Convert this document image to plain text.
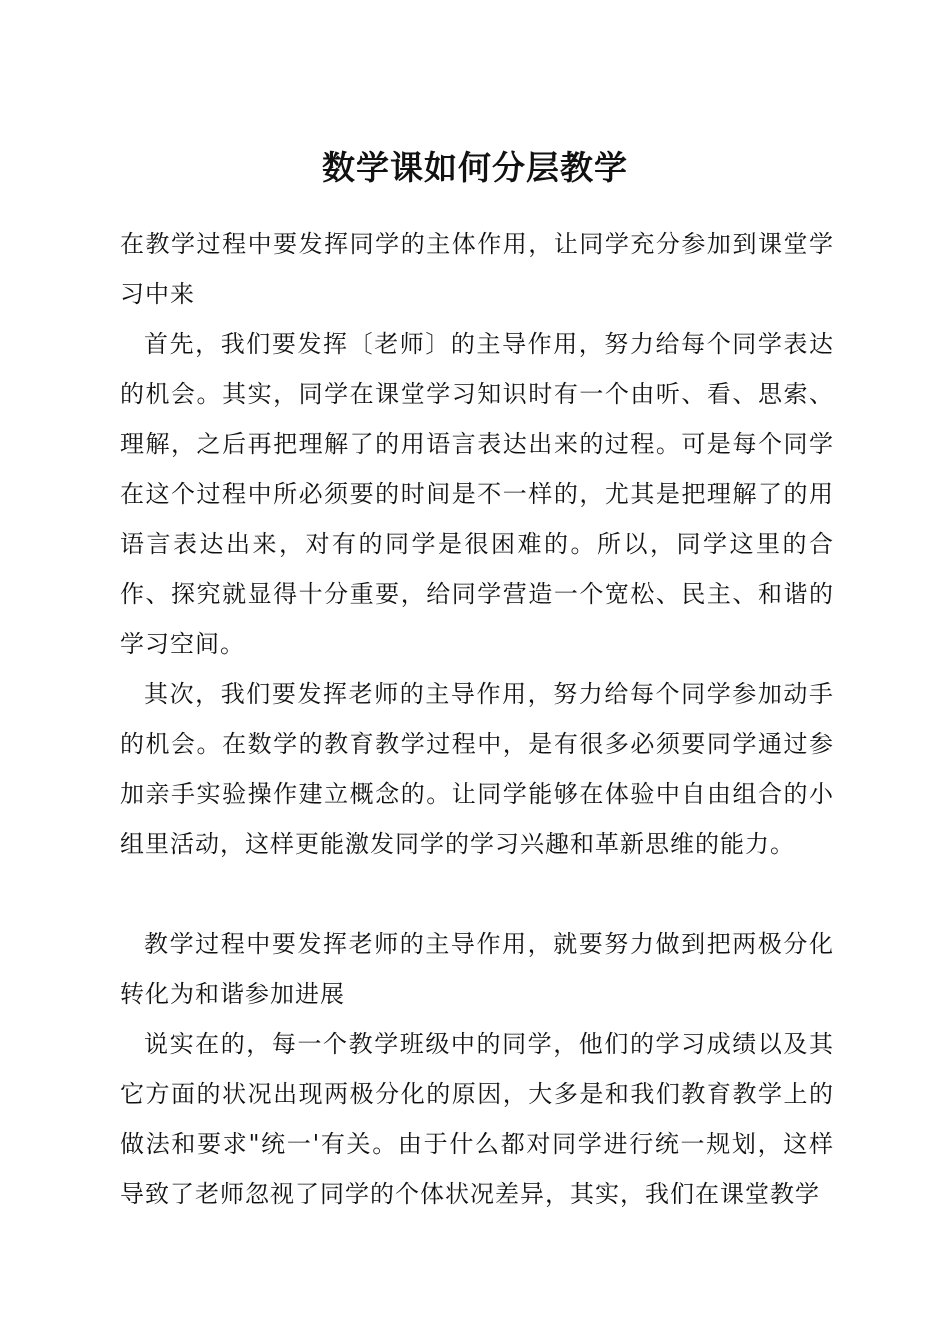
数学课如何分层教学

在教学过程中要发挥同学的主体作用，让同学充分参加到课堂学习中来

首先，我们要发挥〔老师〕的主导作用，努力给每个同学表达的机会。其实，同学在课堂学习知识时有一个由听、看、思索、理解，之后再把理解了的用语言表达出来的过程。可是每个同学在这个过程中所必须要的时间是不一样的，尤其是把理解了的用语言表达出来，对有的同学是很困难的。所以，同学这里的合作、探究就显得十分重要，给同学营造一个宽松、民主、和谐的学习空间。

其次，我们要发挥老师的主导作用，努力给每个同学参加动手的机会。在数学的教育教学过程中，是有很多必须要同学通过参加亲手实验操作建立概念的。让同学能够在体验中自由组合的小组里活动，这样更能激发同学的学习兴趣和革新思维的能力。

教学过程中要发挥老师的主导作用，就要努力做到把两极分化转化为和谐参加进展

说实在的，每一个教学班级中的同学，他们的学习成绩以及其它方面的状况出现两极分化的原因，大多是和我们教育教学上的做法和要求"统一'有关。由于什么都对同学进行统一规划，这样导致了老师忽视了同学的个体状况差异，其实，我们在课堂教学
